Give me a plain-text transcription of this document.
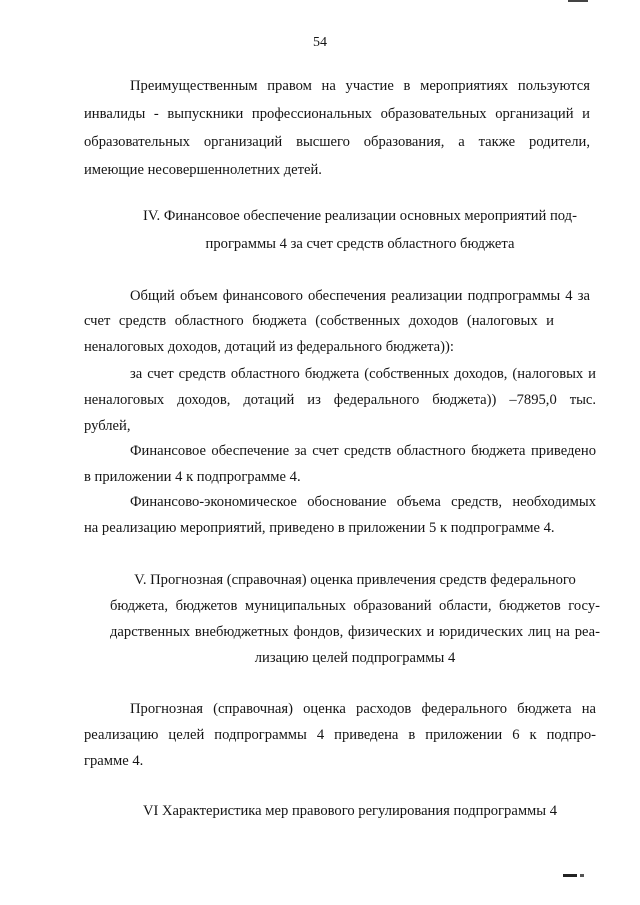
54
Преимущественным правом на участие в мероприятиях пользуются
инвалиды - выпускники профессиональных образовательных организаций и
образовательных организаций высшего образования, а также родители,
имеющие несовершеннолетних детей.
IV. Финансовое обеспечение реализации основных мероприятий под-
программы 4 за счет средств областного бюджета
Общий объем финансового обеспечения реализации подпрограммы 4 за
счет средств областного бюджета (собственных доходов (налоговых и
неналоговых доходов, дотаций из федерального бюджета)):
за счет средств областного бюджета (собственных доходов, (налоговых и
неналоговых доходов, дотаций из федерального бюджета)) –7895,0 тыс.
рублей,
Финансовое обеспечение за счет средств областного бюджета приведено
в приложении 4 к подпрограмме 4.
Финансово-экономическое обоснование объема средств, необходимых
на реализацию мероприятий, приведено в приложении 5 к подпрограмме 4.
V. Прогнозная (справочная) оценка привлечения средств федерального
бюджета, бюджетов муниципальных образований области, бюджетов госу-
дарственных внебюджетных фондов, физических и юридических лиц на реа-
лизацию целей подпрограммы 4
Прогнозная (справочная) оценка расходов федерального бюджета на
реализацию целей подпрограммы 4 приведена в приложении 6 к подпро-
грамме 4.
VI Характеристика мер правового регулирования подпрограммы 4
